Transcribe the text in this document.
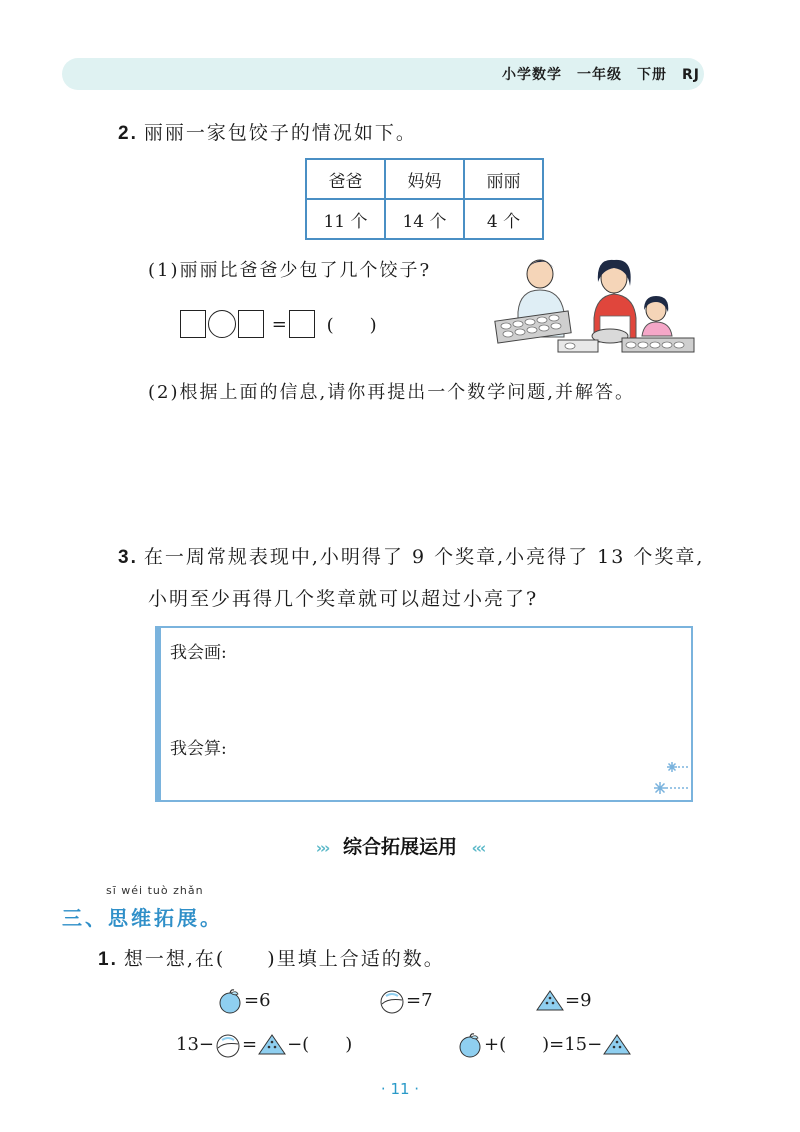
小学数学　一年级　下册　RJ
2. 丽丽一家包饺子的情况如下。
爸爸	妈妈	丽丽
11 个	14 个	4 个
(1)丽丽比爸爸少包了几个饺子?
= (　　)
(2)根据上面的信息,请你再提出一个数学问题,并解答。
3. 在一周常规表现中,小明得了 9 个奖章,小亮得了 13 个奖章,
小明至少再得几个奖章就可以超过小亮了?
我会画:
我会算:
››› 综合拓展运用 ‹‹‹
sī wéi tuò zhǎn
三、思维拓展。
1. 想一想,在(　　)里填上合适的数。
=6	=7	=9
13− = −(　　)	+(　　)=15−
· 11 ·
